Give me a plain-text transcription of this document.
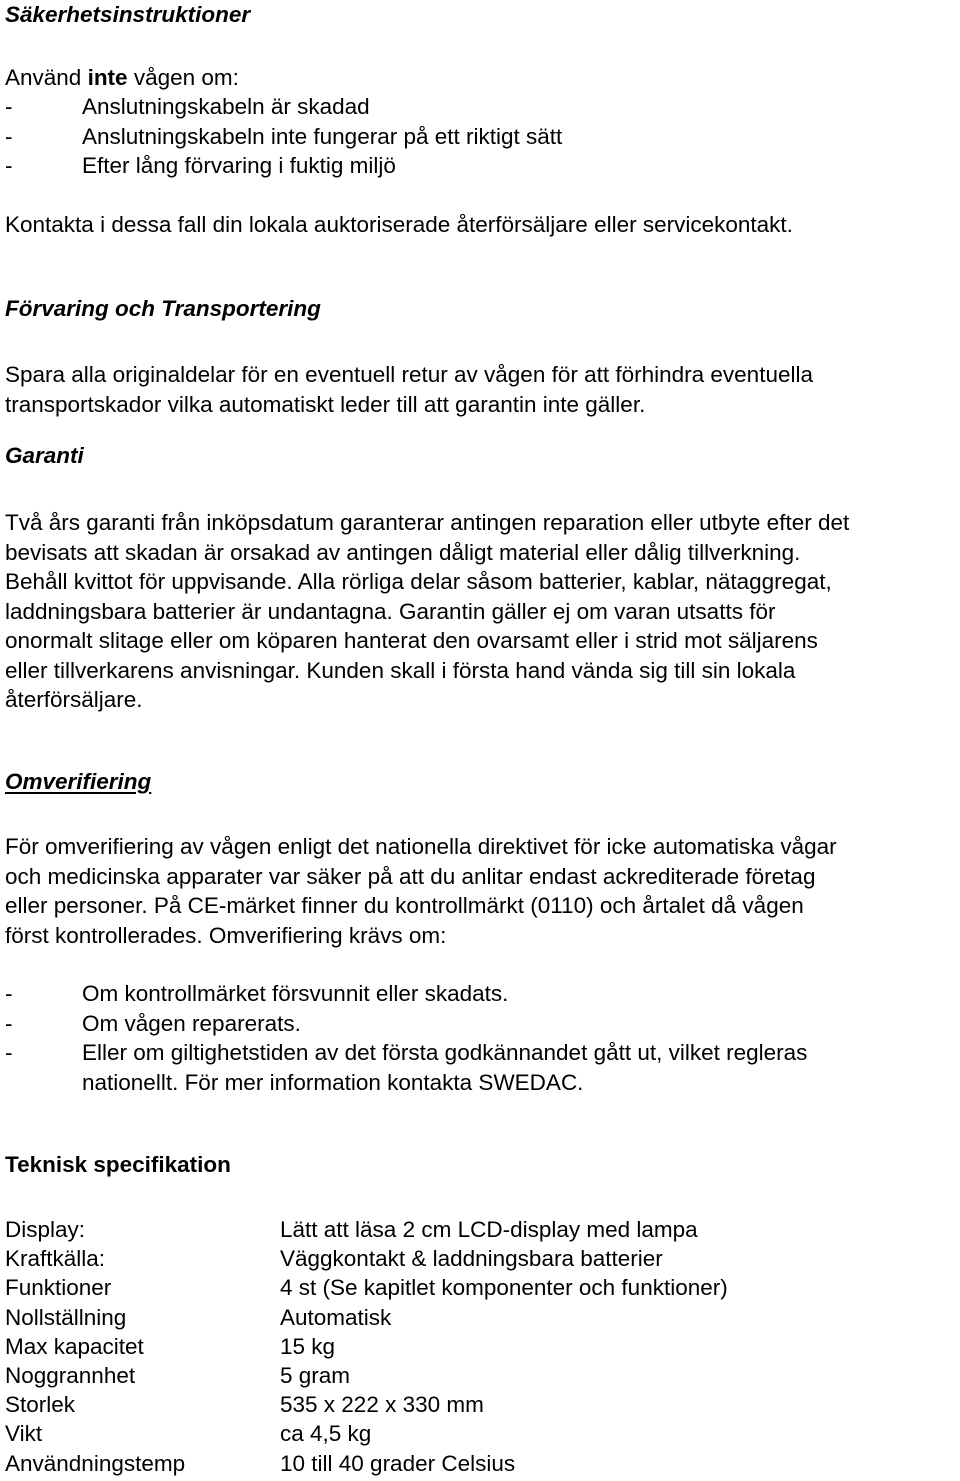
Säkerhetsinstruktioner
Använd inte vågen om:
-	Anslutningskabeln är skadad
-	Anslutningskabeln inte fungerar på ett riktigt sätt
-	Efter lång förvaring i fuktig miljö
Kontakta i dessa fall din lokala auktoriserade återförsäljare eller servicekontakt.
Förvaring och Transportering
Spara alla originaldelar för en eventuell retur av vågen för att förhindra eventuella
transportskador vilka automatiskt leder till att garantin inte gäller.
Garanti
Två års garanti från inköpsdatum garanterar antingen reparation eller utbyte efter det
bevisats att skadan är orsakad av antingen dåligt material eller dålig tillverkning.
Behåll kvittot för uppvisande. Alla rörliga delar såsom batterier, kablar, nätaggregat,
laddningsbara batterier är undantagna. Garantin gäller ej om varan utsatts för
onormalt slitage eller om köparen hanterat den ovarsamt eller i strid mot säljarens
eller tillverkarens anvisningar. Kunden skall i första hand vända sig till sin lokala
återförsäljare.
Omverifiering
För omverifiering av vågen enligt det nationella direktivet för icke automatiska vågar
och medicinska apparater var säker på att du anlitar endast ackrediterade företag
eller personer. På CE-märket finner du kontrollmärkt (0110) och årtalet då vågen
först kontrollerades. Omverifiering krävs om:
-	Om kontrollmärket försvunnit eller skadats.
-	Om vågen reparerats.
-	Eller om giltighetstiden av det första godkännandet gått ut, vilket regleras
nationellt. För mer information kontakta SWEDAC.
Teknisk specifikation
Display:	Lätt att läsa 2 cm LCD-display med lampa
Kraftkälla:	Väggkontakt & laddningsbara batterier
Funktioner	4 st (Se kapitlet komponenter och funktioner)
Nollställning	Automatisk
Max kapacitet	15 kg
Noggrannhet	5 gram
Storlek	535 x 222 x 330 mm
Vikt	ca 4,5 kg
Användningstemp	10 till 40 grader Celsius
